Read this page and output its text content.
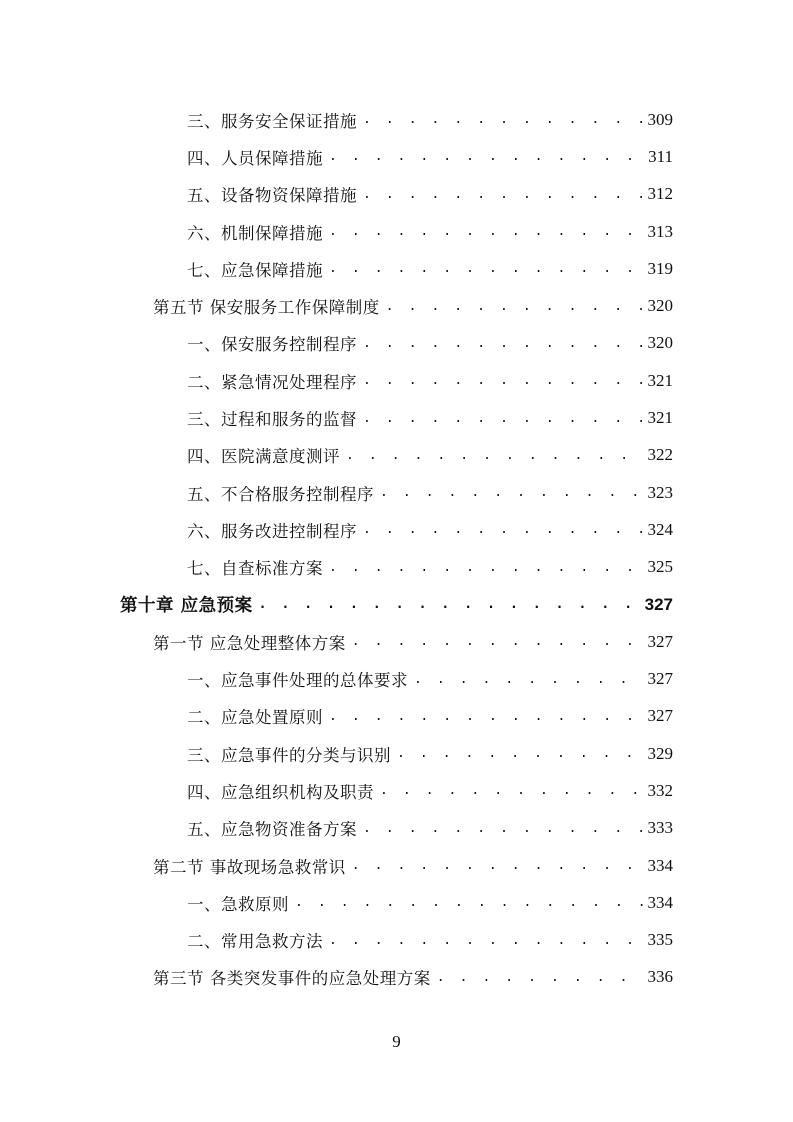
三、服务安全保证措施 . . .	309
四、人员保障措施 . . .	311
五、设备物资保障措施 . . .	312
六、机制保障措施 . . .	313
七、应急保障措施 . . .	319
第五节 保安服务工作保障制度 . . .	320
一、保安服务控制程序 . . .	320
二、紧急情况处理程序 . . .	321
三、过程和服务的监督 . . .	321
四、医院满意度测评 . . .	322
五、不合格服务控制程序 . . .	323
六、服务改进控制程序 . . .	324
七、自查标准方案 . . .	325
第十章 应急预案 . . .	327
第一节 应急处理整体方案 . . .	327
一、应急事件处理的总体要求 . . .	327
二、应急处置原则 . . .	327
三、应急事件的分类与识别 . . .	329
四、应急组织机构及职责 . . .	332
五、应急物资准备方案 . . .	333
第二节 事故现场急救常识 . . .	334
一、急救原则 . . .	334
二、常用急救方法 . . .	335
第三节 各类突发事件的应急处理方案 . . .	336
9
